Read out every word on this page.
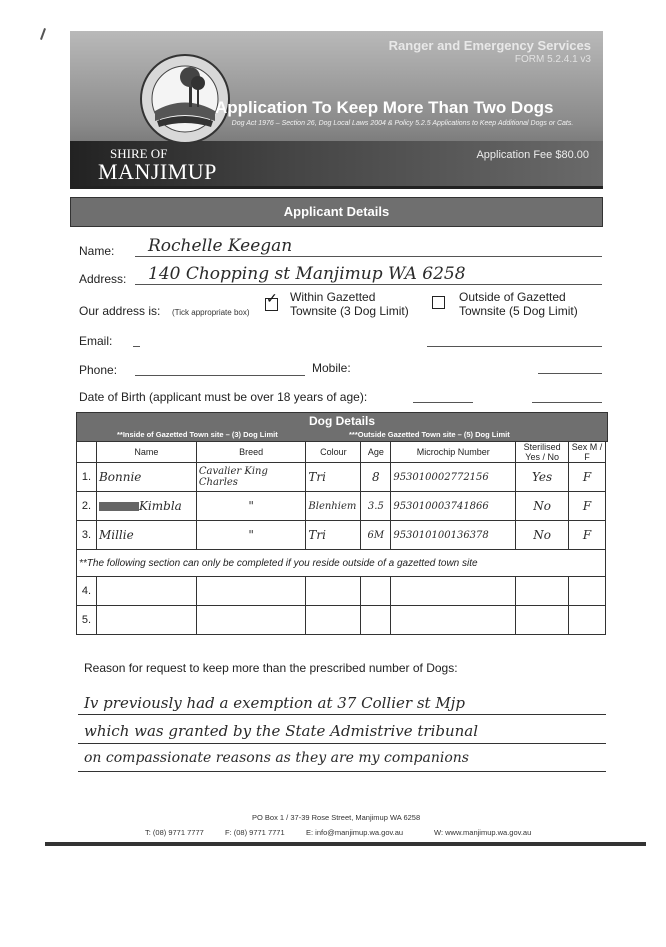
Ranger and Emergency Services
FORM 5.2.4.1 v3
Application To Keep More Than Two Dogs
Dog Act 1976 – Section 26, Dog Local Laws 2004 & Policy 5.2.5 Applications to Keep Additional Dogs or Cats.
Application Fee $80.00
SHIRE OF
MANJIMUP
Applicant Details
Name: Rochelle Keegan
Address: 140 Chopping st Manjimup WA 6258
Our address is: (Tick appropriate box)
✓ Within Gazetted
Townsite (3 Dog Limit)
Outside of Gazetted
Townsite (5 Dog Limit)
Email:
Phone:	Mobile:
Date of Birth (applicant must be over 18 years of age):
Dog Details
**Inside of Gazetted Town site – (3) Dog Limit	***Outside Gazetted Town site – (5) Dog Limit
	Name	Breed	Colour	Age	Microchip Number	Sterilised Yes / No	Sex M / F
1.	Bonnie	Cavalier King Charles	Tri	8	953010002772156	Yes	F
2.	Kimbla	"	Blenhiem	3.5	953010003741866	No	F
3.	Millie	"	Tri	6M	953010100136378	No	F
**The following section can only be completed if you reside outside of a gazetted town site							
4.							
5.							
Reason for request to keep more than the prescribed number of Dogs:
Iv previously had a exemption at 37 Collier st Mjp
which was granted by the State Admistrive tribunal
on compassionate reasons as they are my companions
PO Box 1 / 37-39 Rose Street, Manjimup WA 6258
T: (08) 9771 7777	F: (08) 9771 7771	E: info@manjimup.wa.gov.au	W: www.manjimup.wa.gov.au
